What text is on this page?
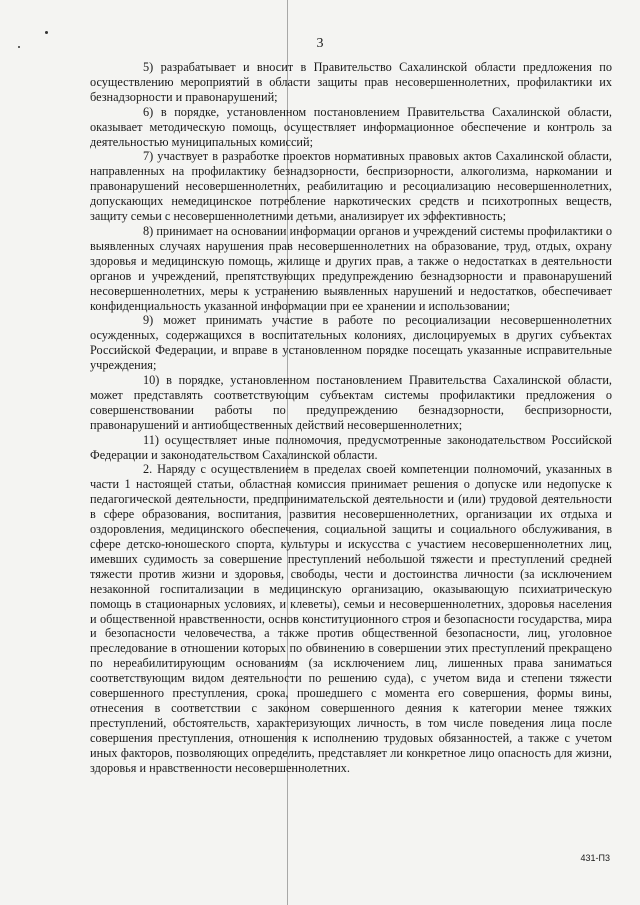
3

5) разрабатывает и вносит в Правительство Сахалинской области предложения по осуществлению мероприятий в области защиты прав несовершеннолетних, профилактики их безнадзорности и правонарушений;

6) в порядке, установленном постановлением Правительства Сахалинской области, оказывает методическую помощь, осуществляет информационное обеспечение и контроль за деятельностью муниципальных комиссий;

7) участвует в разработке проектов нормативных правовых актов Сахалинской области, направленных на профилактику безнадзорности, беспризорности, алкоголизма, наркомании и правонарушений несовершеннолетних, реабилитацию и ресоциализацию несовершеннолетних, допускающих немедицинское потребление наркотических средств и психотропных веществ, защиту семьи с несовершеннолетними детьми, анализирует их эффективность;

8) принимает на основании информации органов и учреждений системы профилактики о выявленных случаях нарушения прав несовершеннолетних на образование, труд, отдых, охрану здоровья и медицинскую помощь, жилище и других прав, а также о недостатках в деятельности органов и учреждений, препятствующих предупреждению безнадзорности и правонарушений несовершеннолетних, меры к устранению выявленных нарушений и недостатков, обеспечивает конфиденциальность указанной информации при ее хранении и использовании;

9) может принимать участие в работе по ресоциализации несовершеннолетних осужденных, содержащихся в воспитательных колониях, дислоцируемых в других субъектах Российской Федерации, и вправе в установленном порядке посещать указанные исправительные учреждения;

10) в порядке, установленном постановлением Правительства Сахалинской области, может представлять соответствующим субъектам системы профилактики предложения о совершенствовании работы по предупреждению безнадзорности, беспризорности, правонарушений и антиобщественных действий несовершеннолетних;

11) осуществляет иные полномочия, предусмотренные законодательством Российской Федерации и законодательством Сахалинской области.

2. Наряду с осуществлением в пределах своей компетенции полномочий, указанных в части 1 настоящей статьи, областная комиссия принимает решения о допуске или недопуске к педагогической деятельности, предпринимательской деятельности и (или) трудовой деятельности в сфере образования, воспитания, развития несовершеннолетних, организации их отдыха и оздоровления, медицинского обеспечения, социальной защиты и социального обслуживания, в сфере детско-юношеского спорта, культуры и искусства с участием несовершеннолетних лиц, имевших судимость за совершение преступлений небольшой тяжести и преступлений средней тяжести против жизни и здоровья, свободы, чести и достоинства личности (за исключением незаконной госпитализации в медицинскую организацию, оказывающую психиатрическую помощь в стационарных условиях, и клеветы), семьи и несовершеннолетних, здоровья населения и общественной нравственности, основ конституционного строя и безопасности государства, мира и безопасности человечества, а также против общественной безопасности, лиц, уголовное преследование в отношении которых по обвинению в совершении этих преступлений прекращено по нереабилитирующим основаниям (за исключением лиц, лишенных права заниматься соответствующим видом деятельности по решению суда), с учетом вида и степени тяжести совершенного преступления, срока, прошедшего с момента его совершения, формы вины, отнесения в соответствии с законом совершенного деяния к категории менее тяжких преступлений, обстоятельств, характеризующих личность, в том числе поведения лица после совершения преступления, отношения к исполнению трудовых обязанностей, а также с учетом иных факторов, позволяющих определить, представляет ли конкретное лицо опасность для жизни, здоровья и нравственности несовершеннолетних.

431-П3
